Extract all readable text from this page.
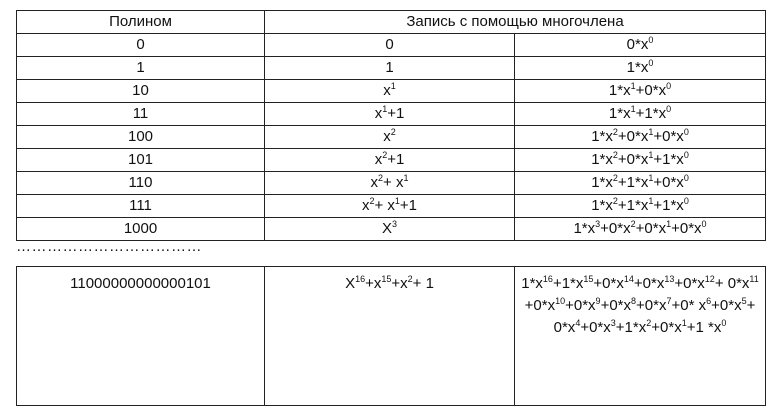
Полином	Запись с помощью многочлена	
0	0	$0*x^0$
1	1	$1*x^0$
10	$x^1$	$1*x^1+0*x^0$
11	$x^1+1$	$1*x^1+1*x^0$
100	$x^2$	$1*x^2+0*x^1+0*x^0$
101	$x^2+1$	$1*x^2+0*x^1+1*x^0$
110	$x^2+ x^1$	$1*x^2+1*x^1+0*x^0$
111	$x^2+ x^1+1$	$1*x^2+1*x^1+1*x^0$
1000	$X^3$	$1*x^3+0*x^2+0*x^1+0*x^0$
………………………………
11000000000000101	$X^{16}+x^{15}+x^2+ 1$	$1*x^{16}+1*x^{15}+0*x^{14}+0*x^{13}+0*x^{12}+ 0*x^{11}+0*x^{10}+0*x^9+0*x^8+0*x^7+0*$ $x^6+0*x^5+0*x^4+0*x^3+1*x^2+0*x^1+1$ $*x^0$
